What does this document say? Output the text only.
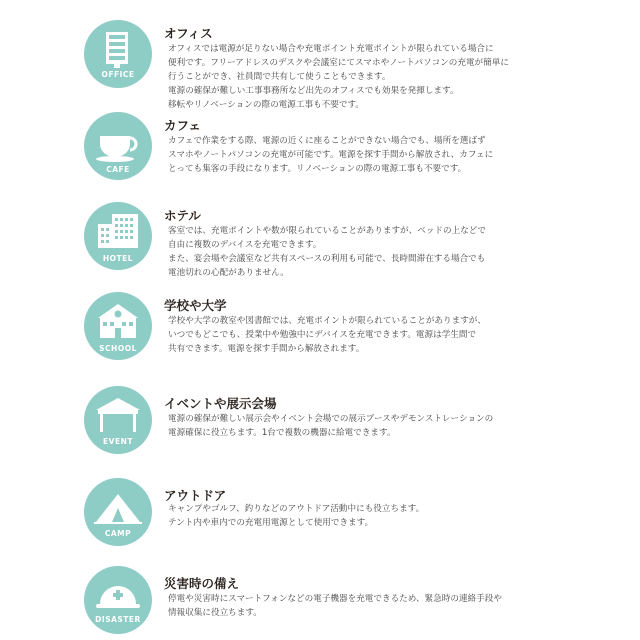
OFFICE
オフィス
オフィスでは電源が足りない場合や充電ポイント充電ポイントが限られている場合に
便利です。フリーアドレスのデスクや会議室にてスマホやノートパソコンの充電が簡単に
行うことができ、社員間で共有して使うこともできます。
電源の確保が難しい工事事務所など出先のオフィスでも効果を発揮します。
移転やリノベーションの際の電源工事も不要です。
CAFE
カフェ
カフェで作業をする際、電源の近くに座ることができない場合でも、場所を選ばず
スマホやノートパソコンの充電が可能です。電源を探す手間から解放され、カフェに
とっても集客の手段になります。リノベーションの際の電源工事も不要です。
HOTEL
ホテル
客室では、充電ポイントや数が限られていることがありますが、ベッドの上などで
自由に複数のデバイスを充電できます。
また、宴会場や会議室など共有スペースの利用も可能で、長時間滞在する場合でも
電池切れの心配がありません。
SCHOOL
学校や大学
学校や大学の教室や図書館では、充電ポイントが限られていることがありますが、
いつでもどこでも、授業中や勉強中にデバイスを充電できます。電源は学生間で
共有できます。電源を探す手間から解放されます。
EVENT
イベントや展示会場
電源の確保が難しい展示会やイベント会場での展示ブースやデモンストレーションの
電源確保に役立ちます。1台で複数の機器に給電できます。
CAMP
アウトドア
キャンプやゴルフ、釣りなどのアウトドア活動中にも役立ちます。
テント内や車内での充電用電源として使用できます。
DISASTER
災害時の備え
停電や災害時にスマートフォンなどの電子機器を充電できるため、緊急時の連絡手段や
情報収集に役立ちます。
